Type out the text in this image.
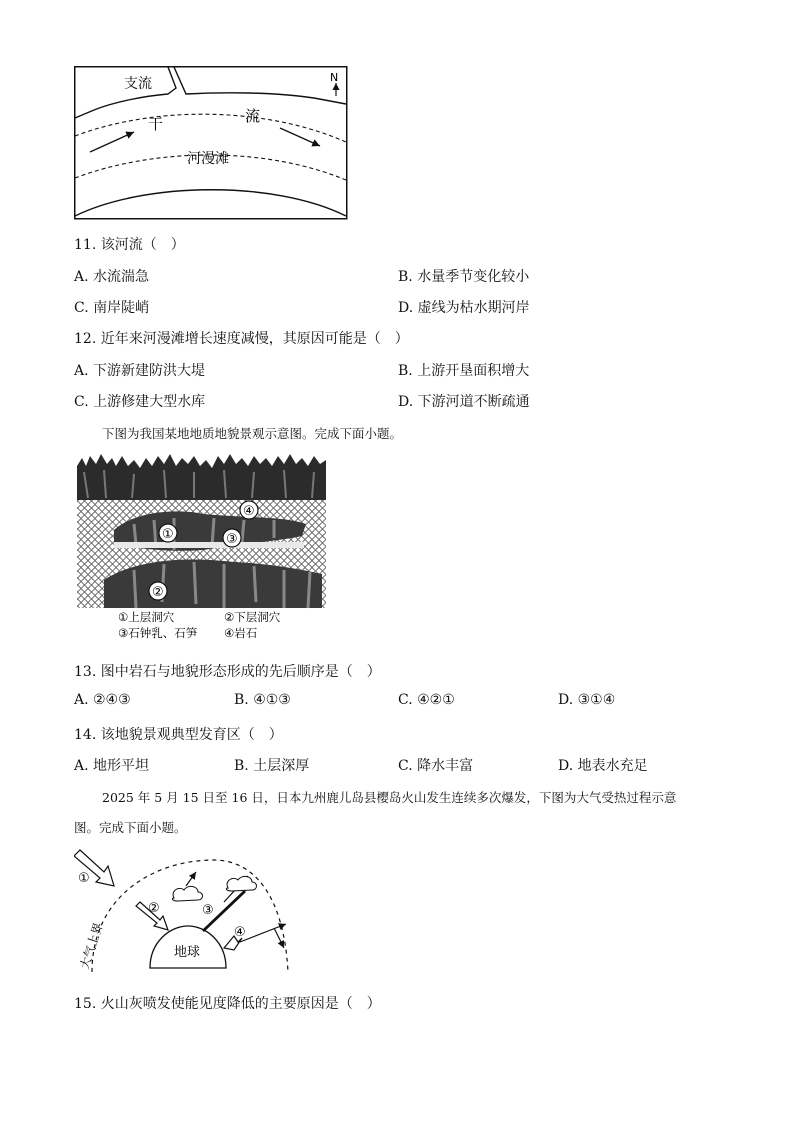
N
支流
干	流
河漫滩
11. 该河流（　）
A. 水流湍急	B. 水量季节变化较小
C. 南岸陡峭	D. 虚线为枯水期河岸
12. 近年来河漫滩增长速度减慢，其原因可能是（　）
A. 下游新建防洪大堤	B. 上游开垦面积增大
C. 上游修建大型水库	D. 下游河道不断疏通
下图为我国某地地质地貌景观示意图。完成下面小题。
①
②
③
④
①上层洞穴	②下层洞穴
③石钟乳、石笋 ④岩石
13. 图中岩石与地貌形态形成的先后顺序是（　）
A. ②④③	B. ④①③	C. ④②①	D. ③①④
14. 该地貌景观典型发育区（　）
A. 地形平坦	B. 土层深厚	C. 降水丰富	D. 地表水充足
2025 年 5 月 15 日至 16 日，日本九州鹿儿岛县樱岛火山发生连续多次爆发，下图为大气受热过程示意
图。完成下面小题。
大气上界	地球
①
②	③
④
15. 火山灰喷发使能见度降低的主要原因是（　）
